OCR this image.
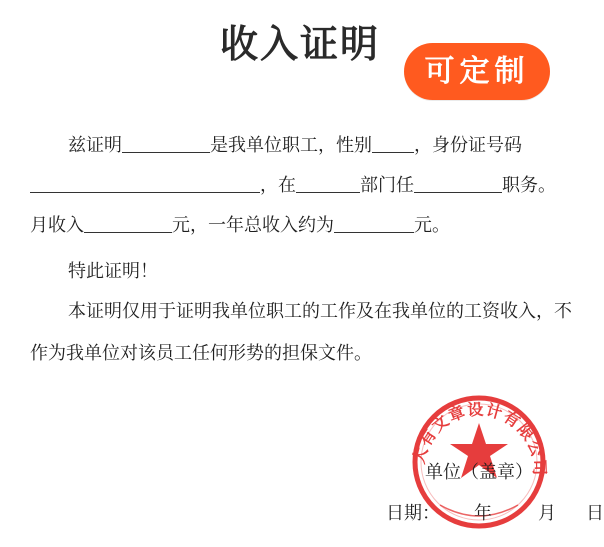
收入证明
可定制
兹证明	是我单位职工，性别 ，身份证号码
，在	部门任	职务。
月收入	元，一年总收入约为	元。
特此证明！
本证明仅用于证明我单位职工的工作及在我单位的工资收入，不
作为我单位对该员工任何形势的担保文件。
大有文章设计有限公司
单位（盖章）
日期： 年	月 日
